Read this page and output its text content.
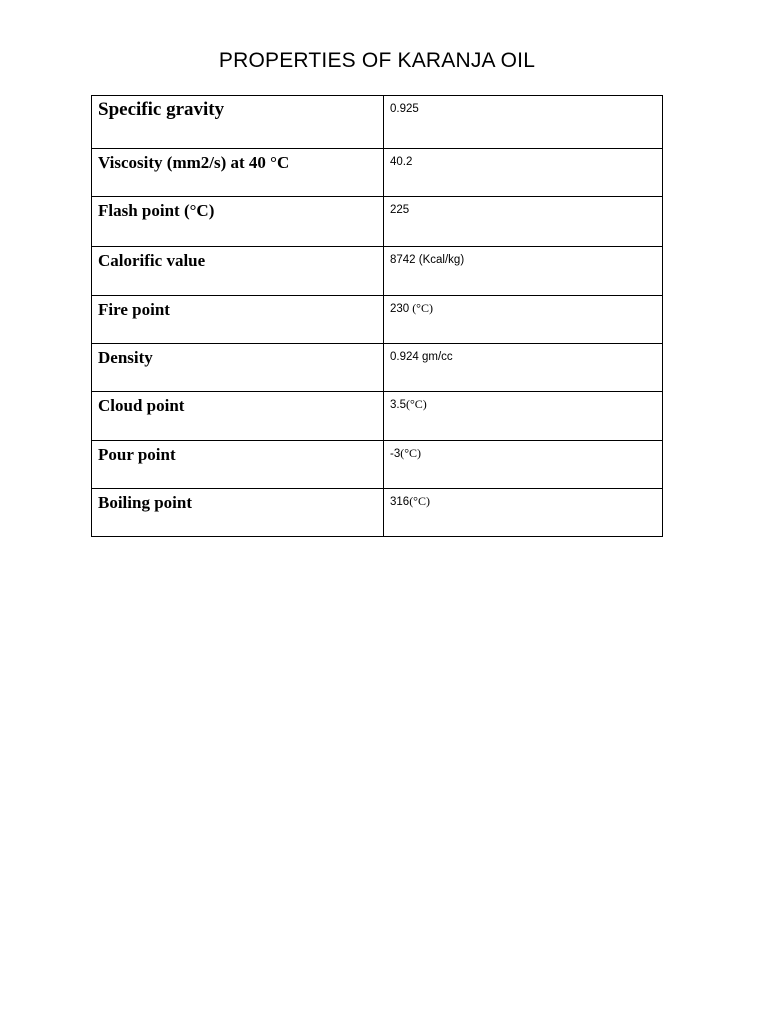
PROPERTIES OF KARANJA OIL
Specific gravity	0.925
Viscosity (mm2/s) at 40 °C	40.2
Flash point (°C)	225
Calorific value	8742 (Kcal/kg)
Fire point	230 (°C)
Density	0.924 gm/cc
Cloud point	3.5(°C)
Pour point	-3(°C)
Boiling point	316(°C)
